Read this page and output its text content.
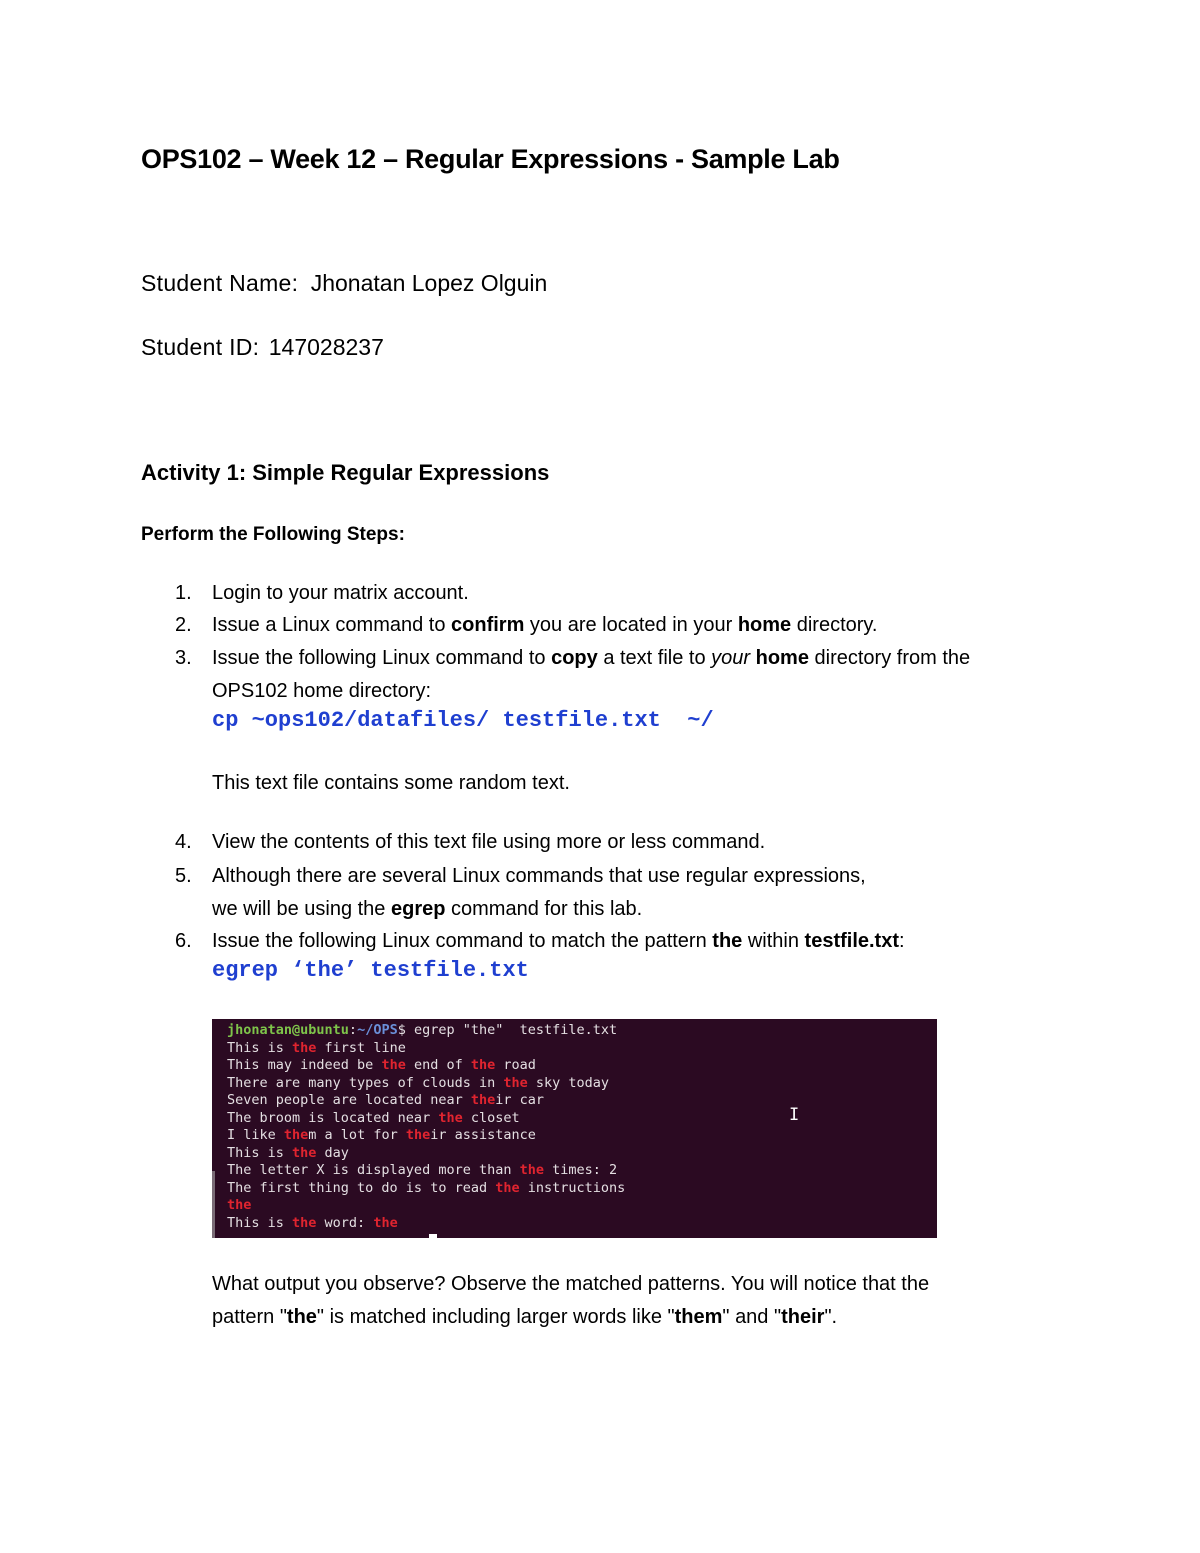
OPS102 – Week 12 – Regular Expressions - Sample Lab
Student Name: Jhonatan Lopez Olguin
Student ID: 147028237
Activity 1: Simple Regular Expressions
Perform the Following Steps:
1. Login to your matrix account.
2. Issue a Linux command to confirm you are located in your home directory.
3. Issue the following Linux command to copy a text file to your home directory from the
OPS102 home directory:
cp ~ops102/datafiles/ testfile.txt  ~/
This text file contains some random text.
4. View the contents of this text file using more or less command.
5. Although there are several Linux commands that use regular expressions,
we will be using the egrep command for this lab.
6. Issue the following Linux command to match the pattern the within testfile.txt:
egrep ‘the’ testfile.txt
jhonatan@ubuntu:~/OPS$ egrep "the"  testfile.txt
This is the first line
This may indeed be the end of the road
There are many types of clouds in the sky today
Seven people are located near their car
The broom is located near the closet
I like them a lot for their assistance
This is the day
The letter X is displayed more than the times: 2
The first thing to do is to read the instructions
the
This is the word: the
I
What output you observe? Observe the matched patterns. You will notice that the
pattern "the" is matched including larger words like "them" and "their".
